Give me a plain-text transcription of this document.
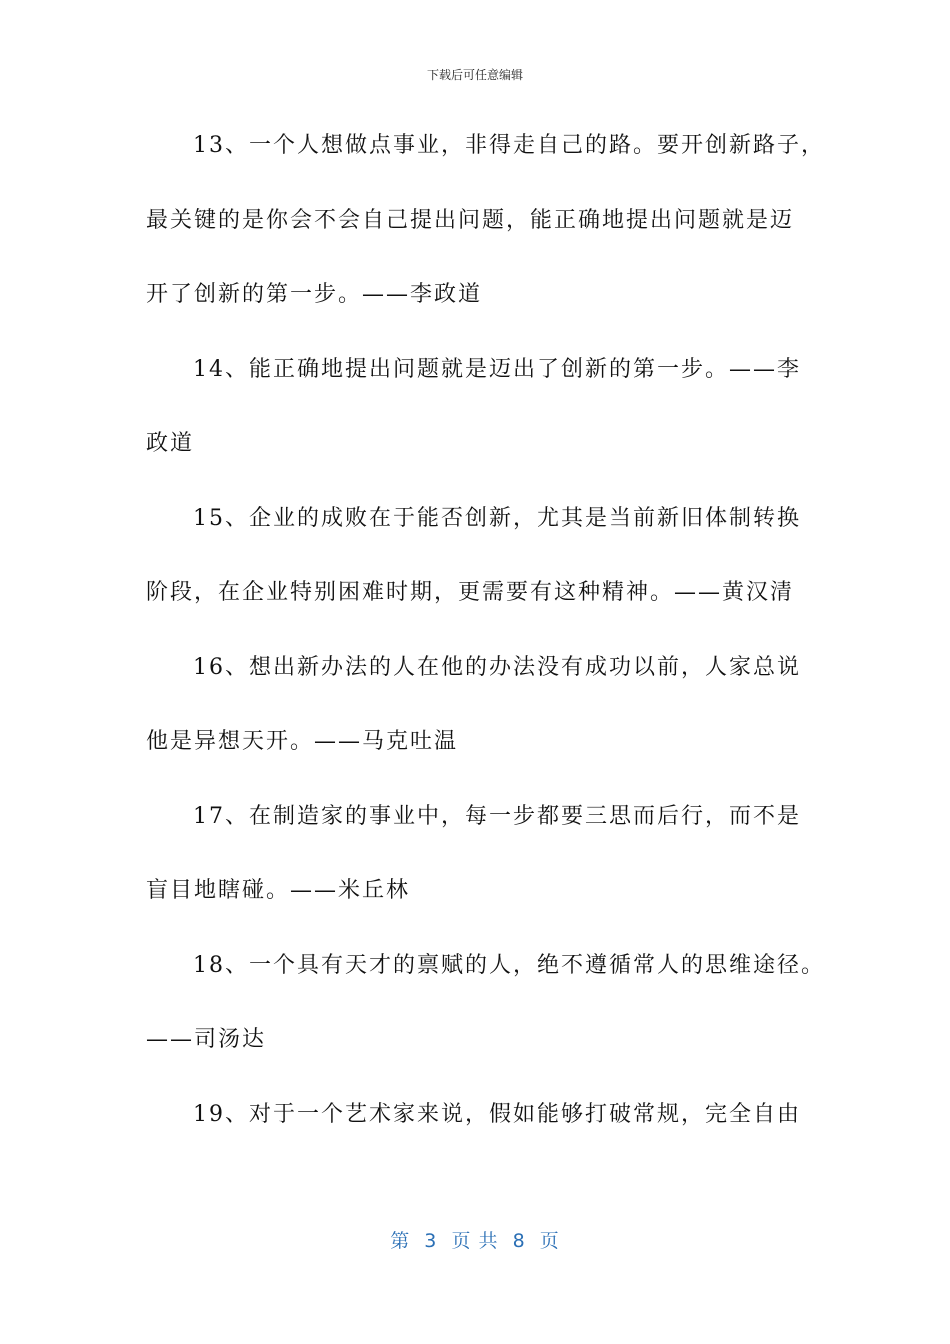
下载后可任意编辑
13、一个人想做点事业，非得走自己的路。要开创新路子，
最关键的是你会不会自己提出问题，能正确地提出问题就是迈
开了创新的第一步。——李政道
14、能正确地提出问题就是迈出了创新的第一步。——李
政道
15、企业的成败在于能否创新，尤其是当前新旧体制转换
阶段，在企业特别困难时期，更需要有这种精神。——黄汉清
16、想出新办法的人在他的办法没有成功以前，人家总说
他是异想天开。——马克吐温
17、在制造家的事业中，每一步都要三思而后行，而不是
盲目地瞎碰。——米丘林
18、一个具有天才的禀赋的人，绝不遵循常人的思维途径。
——司汤达
19、对于一个艺术家来说，假如能够打破常规，完全自由
第  3  页 共  8  页
